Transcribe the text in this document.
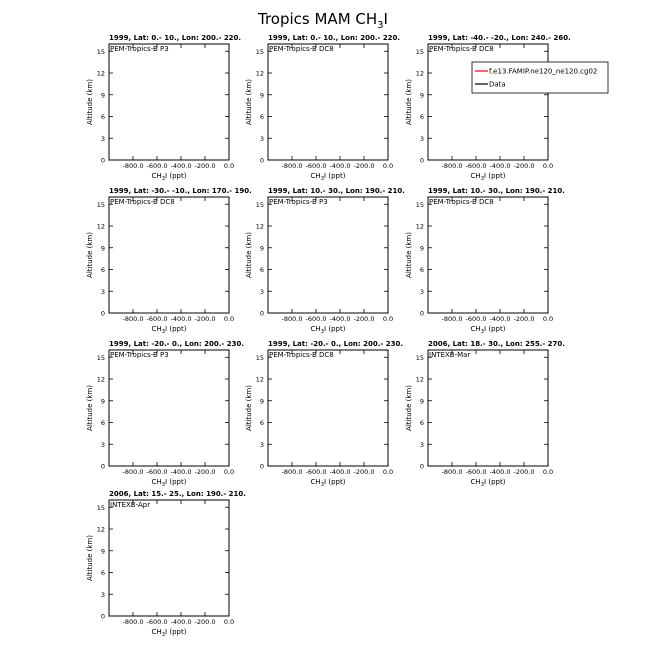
Tropics MAM $CH_3I$
1999, Lat: 0.- 10., Lon: 200.- 220.
PEM-Tropics-B P3
0
3
6
9
12
15
-800.0 -600.0 -400.0 -200.0 0.0
$CH_3I$ (ppt)
Altitude (km)
1999, Lat: 0.- 10., Lon: 200.- 220.
PEM-Tropics-B DC8
0
3
6
9
12
15
-800.0 -600.0 -400.0 -200.0 0.0
$CH_3I$ (ppt)
Altitude (km)
1999, Lat: -40.- -20., Lon: 240.- 260.
PEM-Tropics-B DC8
0
3
6
9
12
15
-800.0 -600.0 -400.0 -200.0 0.0
$CH_3I$ (ppt)
Altitude (km)
1999, Lat: -30.- -10., Lon: 170.- 190.
PEM-Tropics-B DC8
0
3
6
9
12
15
-800.0 -600.0 -400.0 -200.0 0.0
$CH_3I$ (ppt)
Altitude (km)
1999, Lat: 10.- 30., Lon: 190.- 210.
PEM-Tropics-B P3
0
3
6
9
12
15
-800.0 -600.0 -400.0 -200.0 0.0
$CH_3I$ (ppt)
Altitude (km)
1999, Lat: 10.- 30., Lon: 190.- 210.
PEM-Tropics-B DC8
0
3
6
9
12
15
-800.0 -600.0 -400.0 -200.0 0.0
$CH_3I$ (ppt)
Altitude (km)
1999, Lat: -20.- 0., Lon: 200.- 230.
PEM-Tropics-B P3
0
3
6
9
12
15
-800.0 -600.0 -400.0 -200.0 0.0
$CH_3I$ (ppt)
Altitude (km)
1999, Lat: -20.- 0., Lon: 200.- 230.
PEM-Tropics-B DC8
0
3
6
9
12
15
-800.0 -600.0 -400.0 -200.0 0.0
$CH_3I$ (ppt)
Altitude (km)
2006, Lat: 18.- 30., Lon: 255.- 270.
INTEXB-Mar
0
3
6
9
12
15
-800.0 -600.0 -400.0 -200.0 0.0
$CH_3I$ (ppt)
Altitude (km)
2006, Lat: 15.- 25., Lon: 190.- 210.
INTEXB-Apr
0
3
6
9
12
15
-800.0 -600.0 -400.0 -200.0 0.0
$CH_3I$ (ppt)
Altitude (km)
f.e13.FAMIP.ne120_ne120.cg02
Data
